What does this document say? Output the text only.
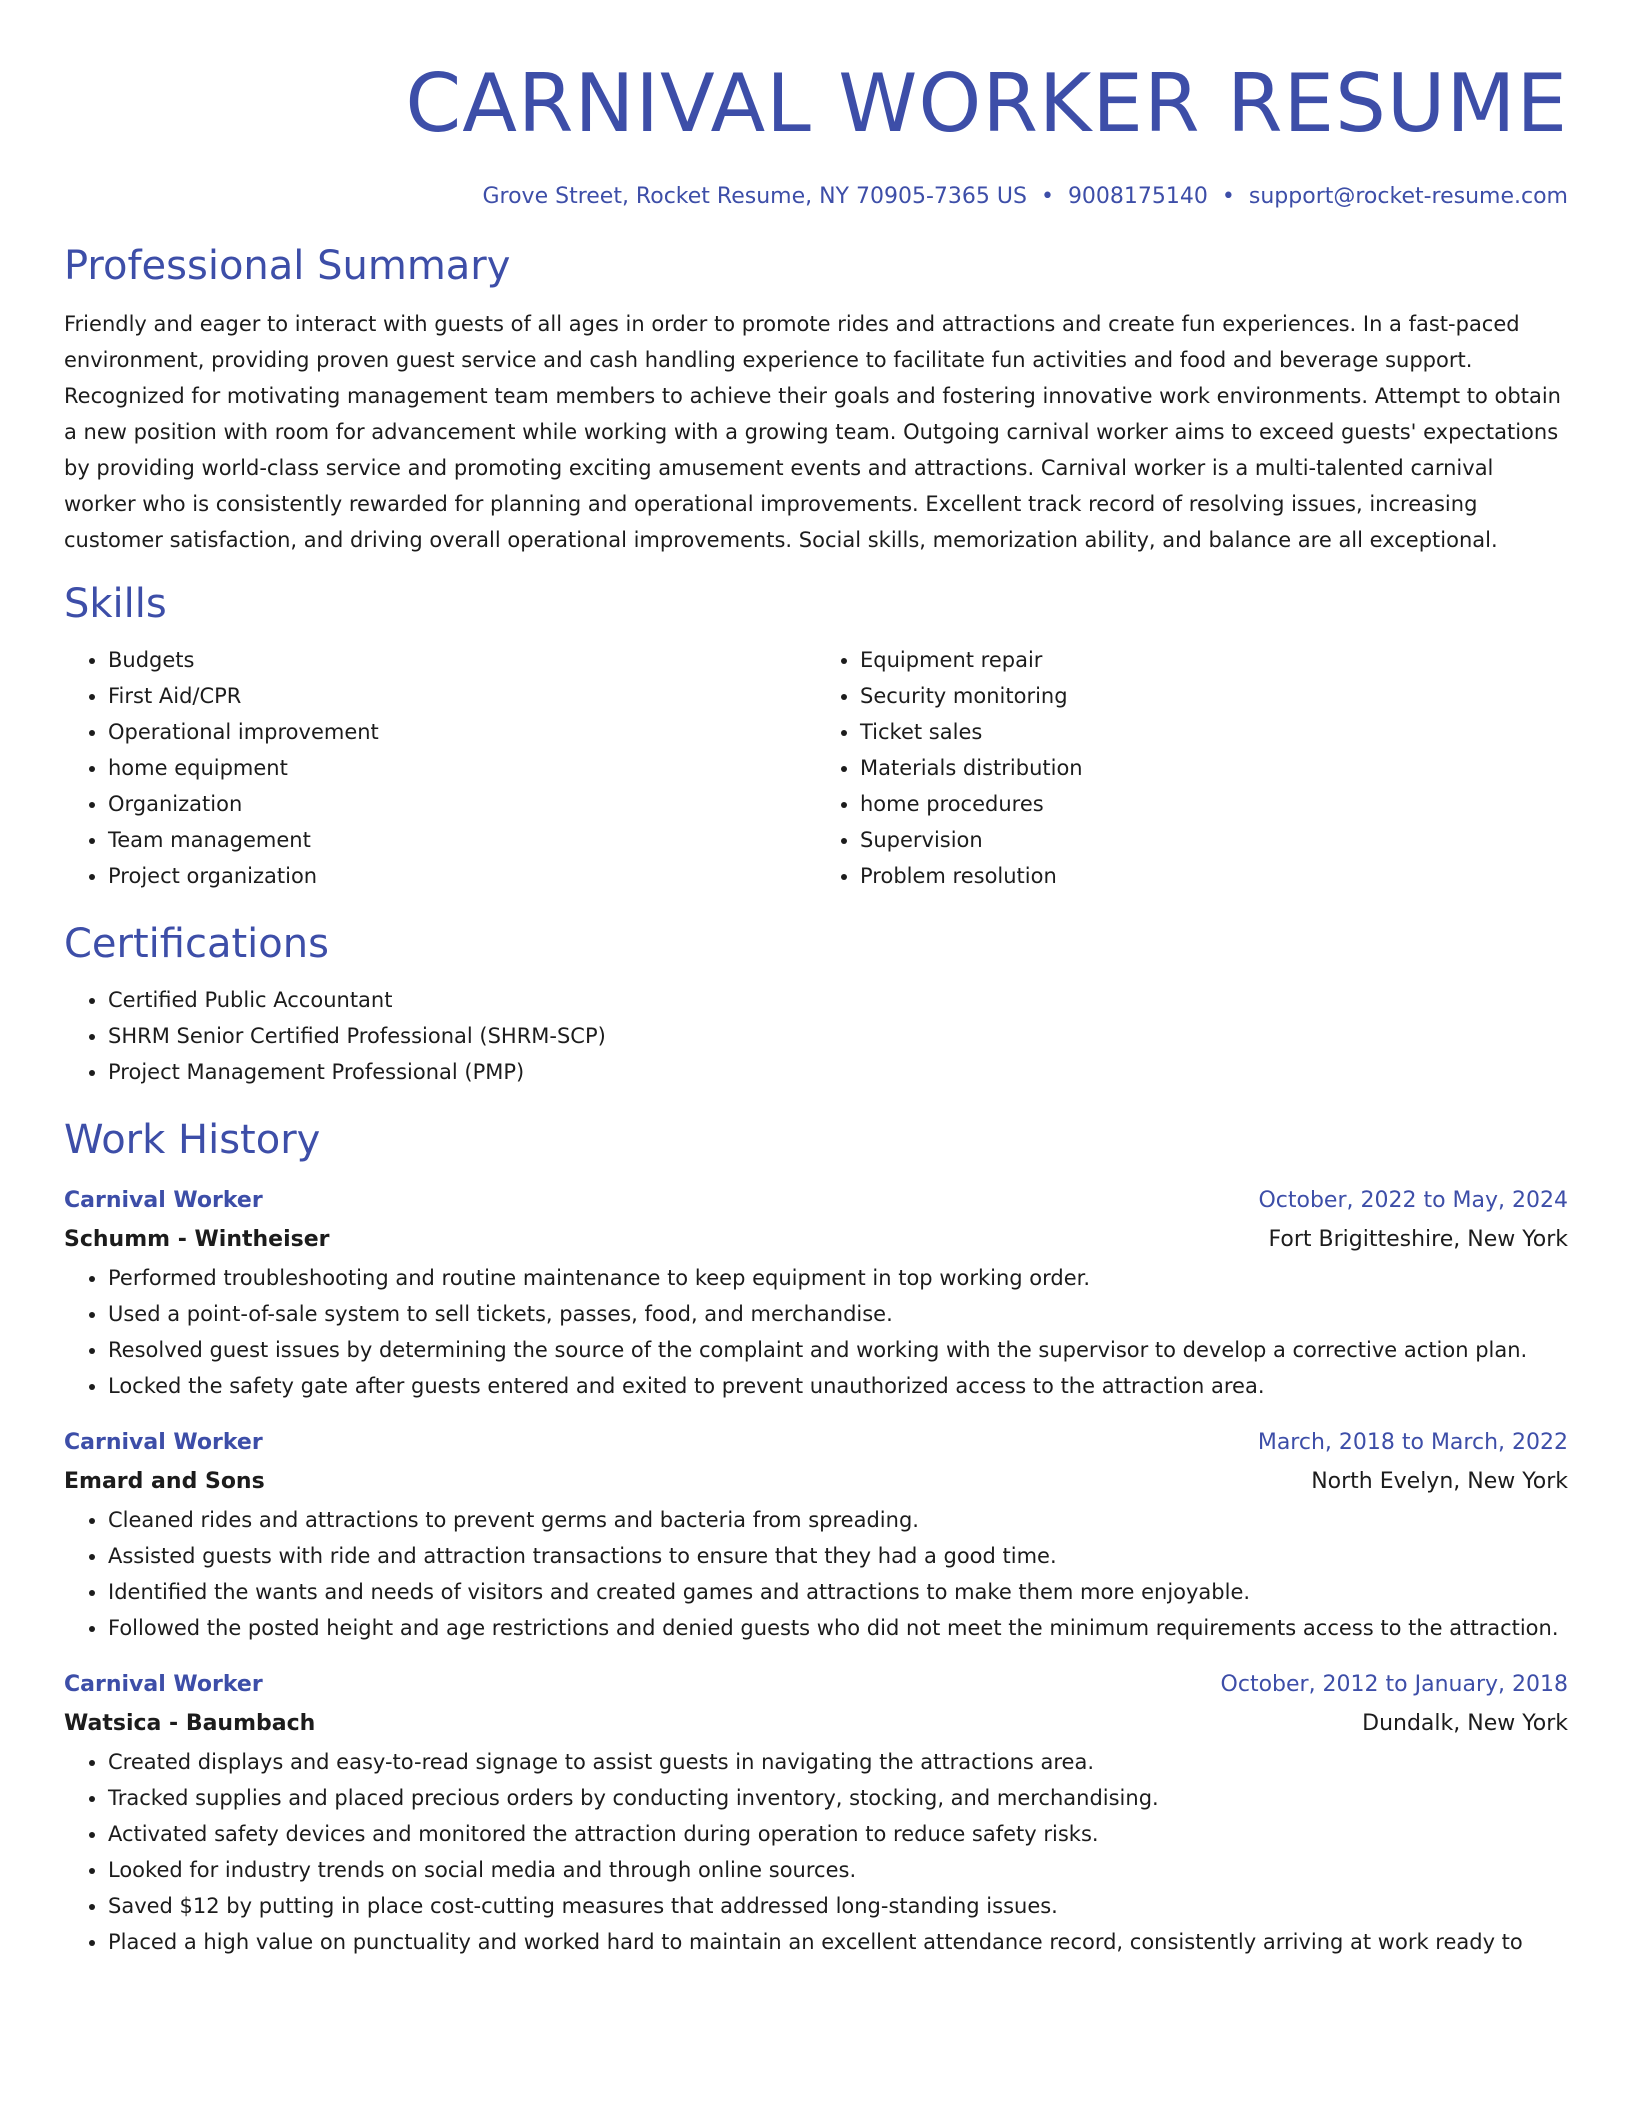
CARNIVAL WORKER RESUME
Grove Street, Rocket Resume, NY 70905-7365 US • 9008175140 • support@rocket-resume.com
Professional Summary

Friendly and eager to interact with guests of all ages in order to promote rides and attractions and create fun experiences. In a fast-paced environment, providing proven guest service and cash handling experience to facilitate fun activities and food and beverage support. Recognized for motivating management team members to achieve their goals and fostering innovative work environments. Attempt to obtain a new position with room for advancement while working with a growing team. Outgoing carnival worker aims to exceed guests' expectations by providing world-class service and promoting exciting amusement events and attractions. Carnival worker is a multi-talented carnival worker who is consistently rewarded for planning and operational improvements. Excellent track record of resolving issues, increasing customer satisfaction, and driving overall operational improvements. Social skills, memorization ability, and balance are all exceptional.

Skills
• Budgets
• First Aid/CPR
• Operational improvement
• home equipment
• Organization
• Team management
• Project organization
• Equipment repair
• Security monitoring
• Ticket sales
• Materials distribution
• home procedures
• Supervision
• Problem resolution
Certifications
• Certified Public Accountant
• SHRM Senior Certified Professional (SHRM-SCP)
• Project Management Professional (PMP)
Work History
Carnival Worker	October, 2022 to May, 2024
Schumm - Wintheiser	Fort Brigitteshire, New York
• Performed troubleshooting and routine maintenance to keep equipment in top working order.
• Used a point-of-sale system to sell tickets, passes, food, and merchandise.
• Resolved guest issues by determining the source of the complaint and working with the supervisor to develop a corrective action plan.
• Locked the safety gate after guests entered and exited to prevent unauthorized access to the attraction area.
Carnival Worker	March, 2018 to March, 2022
Emard and Sons	North Evelyn, New York
• Cleaned rides and attractions to prevent germs and bacteria from spreading.
• Assisted guests with ride and attraction transactions to ensure that they had a good time.
• Identified the wants and needs of visitors and created games and attractions to make them more enjoyable.
• Followed the posted height and age restrictions and denied guests who did not meet the minimum requirements access to the attraction.
Carnival Worker	October, 2012 to January, 2018
Watsica - Baumbach	Dundalk, New York
• Created displays and easy-to-read signage to assist guests in navigating the attractions area.
• Tracked supplies and placed precious orders by conducting inventory, stocking, and merchandising.
• Activated safety devices and monitored the attraction during operation to reduce safety risks.
• Looked for industry trends on social media and through online sources.
• Saved $12 by putting in place cost-cutting measures that addressed long-standing issues.
• Placed a high value on punctuality and worked hard to maintain an excellent attendance record, consistently arriving at work ready to
